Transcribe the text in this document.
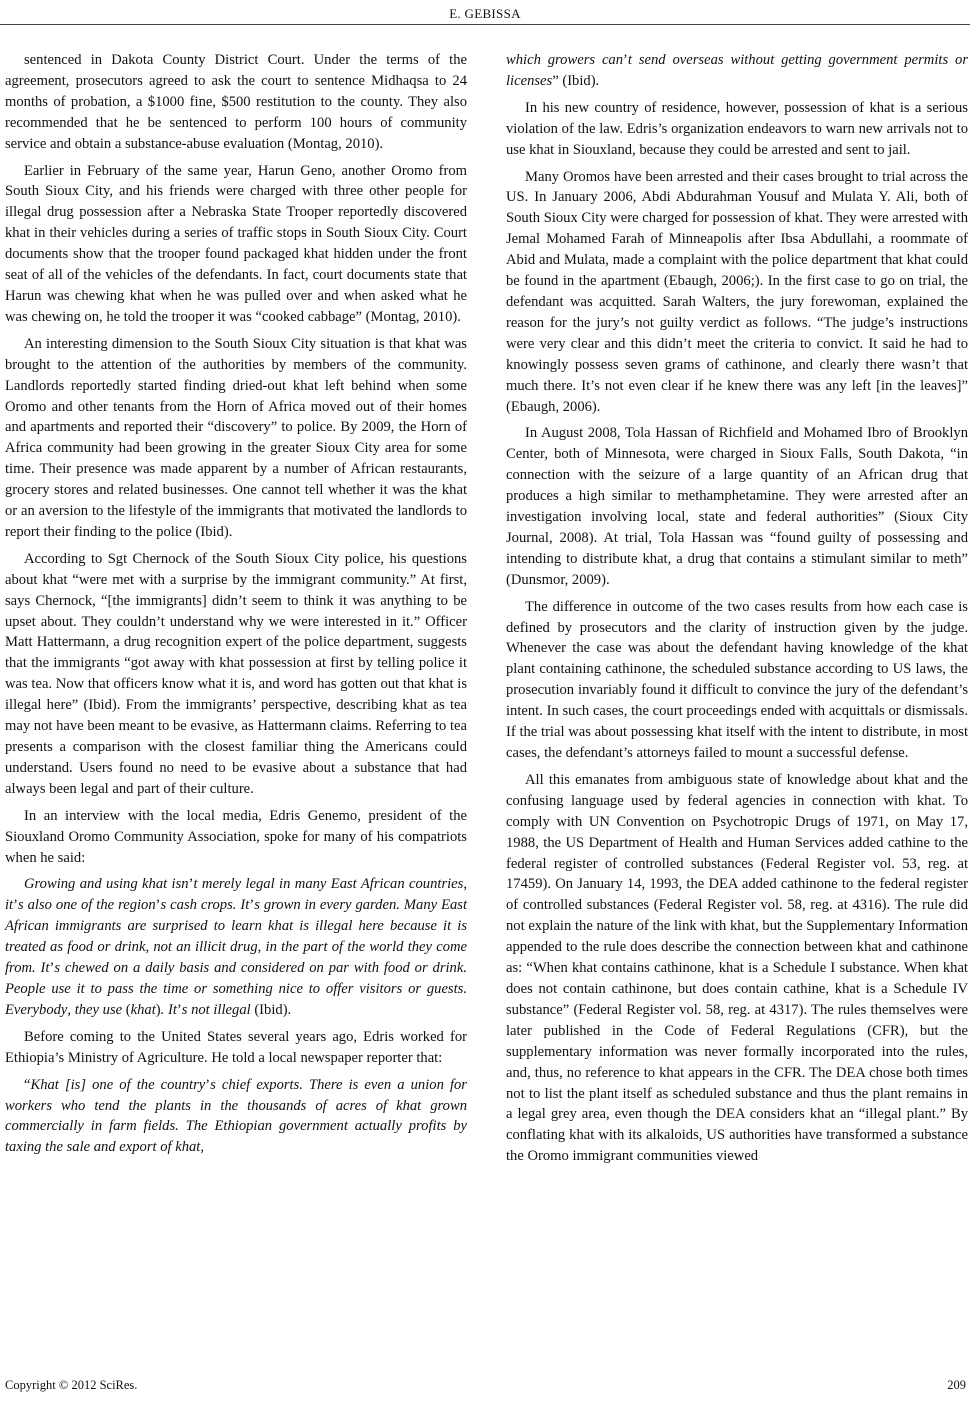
E. GEBISSA

sentenced in Dakota County District Court. Under the terms of the agreement, prosecutors agreed to ask the court to sentence Midhaqsa to 24 months of probation, a $1000 fine, $500 restitution to the county. They also recommended that he be sentenced to perform 100 hours of community service and obtain a substance-abuse evaluation (Montag, 2010).

Earlier in February of the same year, Harun Geno, another Oromo from South Sioux City, and his friends were charged with three other people for illegal drug possession after a Nebraska State Trooper reportedly discovered khat in their vehicles during a series of traffic stops in South Sioux City. Court documents show that the trooper found packaged khat hidden under the front seat of all of the vehicles of the defendants. In fact, court documents state that Harun was chewing khat when he was pulled over and when asked what he was chewing on, he told the trooper it was “cooked cabbage” (Montag, 2010).

An interesting dimension to the South Sioux City situation is that khat was brought to the attention of the authorities by members of the community. Landlords reportedly started finding dried-out khat left behind when some Oromo and other tenants from the Horn of Africa moved out of their homes and apartments and reported their “discovery” to police. By 2009, the Horn of Africa community had been growing in the greater Sioux City area for some time. Their presence was made apparent by a number of African restaurants, grocery stores and related businesses. One cannot tell whether it was the khat or an aversion to the lifestyle of the immigrants that motivated the landlords to report their finding to the police (Ibid).

According to Sgt Chernock of the South Sioux City police, his questions about khat “were met with a surprise by the immigrant community.” At first, says Chernock, “[the immigrants] didn’t seem to think it was anything to be upset about. They couldn’t understand why we were interested in it.” Officer Matt Hattermann, a drug recognition expert of the police department, suggests that the immigrants “got away with khat possession at first by telling police it was tea. Now that officers know what it is, and word has gotten out that khat is illegal here” (Ibid). From the immigrants’ perspective, describing khat as tea may not have been meant to be evasive, as Hattermann claims. Referring to tea presents a comparison with the closest familiar thing the Americans could understand. Users found no need to be evasive about a substance that had always been legal and part of their culture.

In an interview with the local media, Edris Genemo, president of the Siouxland Oromo Community Association, spoke for many of his compatriots when he said:

Growing and using khat isn’t merely legal in many East African countries, it’s also one of the region’s cash crops. It’s grown in every garden. Many East African immigrants are surprised to learn khat is illegal here because it is treated as food or drink, not an illicit drug, in the part of the world they come from. It’s chewed on a daily basis and considered on par with food or drink. People use it to pass the time or something nice to offer visitors or guests. Everybody, they use (khat). It’s not illegal (Ibid).

Before coming to the United States several years ago, Edris worked for Ethiopia’s Ministry of Agriculture. He told a local newspaper reporter that:

“Khat [is] one of the country’s chief exports. There is even a union for workers who tend the plants in the thousands of acres of khat grown commercially in farm fields. The Ethiopian government actually profits by taxing the sale and export of khat,

which growers can’t send overseas without getting government permits or licenses” (Ibid).

In his new country of residence, however, possession of khat is a serious violation of the law. Edris’s organization endeavors to warn new arrivals not to use khat in Siouxland, because they could be arrested and sent to jail.

Many Oromos have been arrested and their cases brought to trial across the US. In January 2006, Abdi Abdurahman Yousuf and Mulata Y. Ali, both of South Sioux City were charged for possession of khat. They were arrested with Jemal Mohamed Farah of Minneapolis after Ibsa Abdullahi, a roommate of Abid and Mulata, made a complaint with the police department that khat could be found in the apartment (Ebaugh, 2006;). In the first case to go on trial, the defendant was acquitted. Sarah Walters, the jury forewoman, explained the reason for the jury’s not guilty verdict as follows. “The judge’s instructions were very clear and this didn’t meet the criteria to convict. It said he had to knowingly possess seven grams of cathinone, and clearly there wasn’t that much there. It’s not even clear if he knew there was any left [in the leaves]” (Ebaugh, 2006).

In August 2008, Tola Hassan of Richfield and Mohamed Ibro of Brooklyn Center, both of Minnesota, were charged in Sioux Falls, South Dakota, “in connection with the seizure of a large quantity of an African drug that produces a high similar to methamphetamine. They were arrested after an investigation involving local, state and federal authorities” (Sioux City Journal, 2008). At trial, Tola Hassan was “found guilty of possessing and intending to distribute khat, a drug that contains a stimulant similar to meth” (Dunsmor, 2009).

The difference in outcome of the two cases results from how each case is defined by prosecutors and the clarity of instruction given by the judge. Whenever the case was about the defendant having knowledge of the khat plant containing cathinone, the scheduled substance according to US laws, the prosecution invariably found it difficult to convince the jury of the defendant’s intent. In such cases, the court proceedings ended with acquittals or dismissals. If the trial was about possessing khat itself with the intent to distribute, in most cases, the defendant’s attorneys failed to mount a successful defense.

All this emanates from ambiguous state of knowledge about khat and the confusing language used by federal agencies in connection with khat. To comply with UN Convention on Psychotropic Drugs of 1971, on May 17, 1988, the US Department of Health and Human Services added cathine to the federal register of controlled substances (Federal Register vol. 53, reg. at 17459). On January 14, 1993, the DEA added cathinone to the federal register of controlled substances (Federal Register vol. 58, reg. at 4316). The rule did not explain the nature of the link with khat, but the Supplementary Information appended to the rule does describe the connection between khat and cathinone as: “When khat contains cathinone, khat is a Schedule I substance. When khat does not contain cathinone, but does contain cathine, khat is a Schedule IV substance” (Federal Register vol. 58, reg. at 4317). The rules themselves were later published in the Code of Federal Regulations (CFR), but the supplementary information was never formally incorporated into the rules, and, thus, no reference to khat appears in the CFR. The DEA chose both times not to list the plant itself as scheduled substance and thus the plant remains in a legal grey area, even though the DEA considers khat an “illegal plant.” By conflating khat with its alkaloids, US authorities have transformed a substance the Oromo immigrant communities viewed

Copyright © 2012 SciRes.	209
